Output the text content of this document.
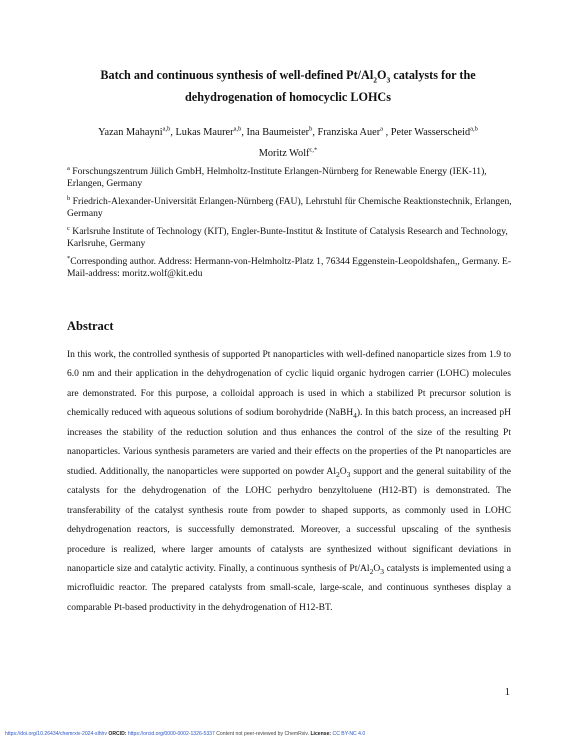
Batch and continuous synthesis of well-defined $Pt/Al_2O_3$ catalysts for the
dehydrogenation of homocyclic LOHCs
Yazan Mahayni$^{a,b}$, Lukas Maurer$^{a,b}$, Ina Baumeister$^b$, Franziska Auer$^a$ , Peter Wasserscheid$^{a,b}$
Moritz Wolf$^{c,*}$

$^a$ Forschungszentrum Jülich GmbH, Helmholtz-Institute Erlangen-Nürnberg for Renewable Energy (IEK-11), Erlangen, Germany

$^b$ Friedrich-Alexander-Universität Erlangen-Nürnberg (FAU), Lehrstuhl für Chemische Reaktionstechnik, Erlangen, Germany

$^c$ Karlsruhe Institute of Technology (KIT), Engler-Bunte-Institut & Institute of Catalysis Research and Technology, Karlsruhe, Germany

*Corresponding author. Address: Hermann-von-Helmholtz-Platz 1, 76344 Eggenstein-Leopoldshafen,, Germany. E-Mail-address: moritz.wolf@kit.edu

Abstract

In this work, the controlled synthesis of supported Pt nanoparticles with well-defined nanoparticle sizes from 1.9 to 6.0 nm and their application in the dehydrogenation of cyclic liquid organic hydrogen carrier (LOHC) molecules are demonstrated. For this purpose, a colloidal approach is used in which a stabilized Pt precursor solution is chemically reduced with aqueous solutions of sodium borohydride (NaBH$_4$). In this batch process, an increased pH increases the stability of the reduction solution and thus enhances the control of the size of the resulting Pt nanoparticles. Various synthesis parameters are varied and their effects on the properties of the Pt nanoparticles are studied. Additionally, the nanoparticles were supported on powder $Al_2O_3$ support and the general suitability of the catalysts for the dehydrogenation of the LOHC perhydro benzyltoluene (H12-BT) is demonstrated. The transferability of the catalyst synthesis route from powder to shaped supports, as commonly used in LOHC dehydrogenation reactors, is successfully demonstrated. Moreover, a successful upscaling of the synthesis procedure is realized, where larger amounts of catalysts are synthesized without significant deviations in nanoparticle size and catalytic activity. Finally, a continuous synthesis of $Pt/Al_2O_3$ catalysts is implemented using a microfluidic reactor. The prepared catalysts from small-scale, large-scale, and continuous syntheses display a comparable Pt-based productivity in the dehydrogenation of H12-BT.

1
https://doi.org/10.26434/chemrxiv-2024-slhhv ORCID: https://orcid.org/0000-0002-1326-5337 Content not peer-reviewed by ChemRxiv. License: CC BY-NC 4.0
